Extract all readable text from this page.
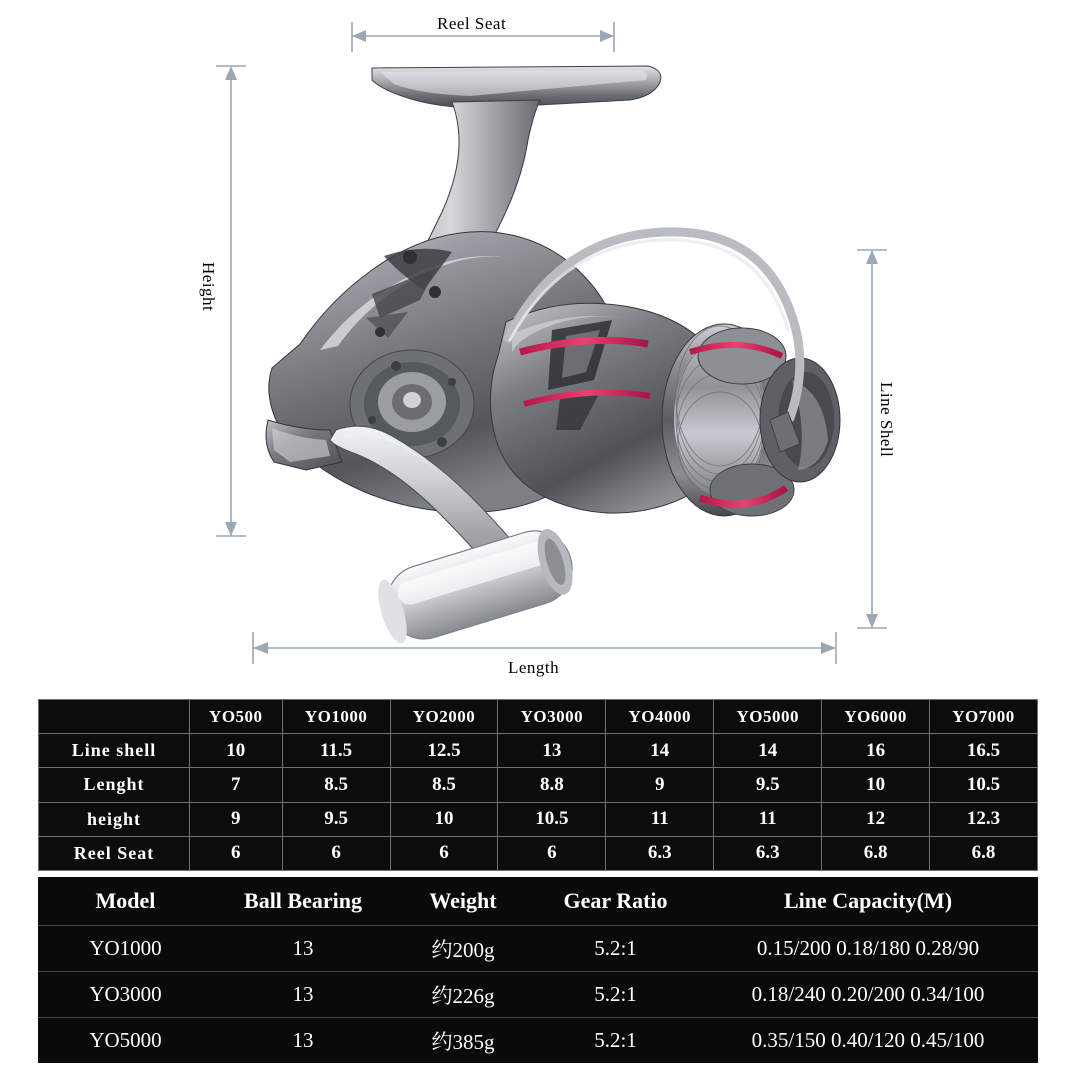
Reel Seat
Height
Line Shell
Length
	YO500	YO1000	YO2000	YO3000	YO4000	YO5000	YO6000	YO7000
Line shell	10	11.5	12.5	13	14	14	16	16.5
Lenght	7	8.5	8.5	8.8	9	9.5	10	10.5
height	9	9.5	10	10.5	11	11	12	12.3
Reel Seat	6	6	6	6	6.3	6.3	6.8	6.8
Model	Ball Bearing	Weight	Gear Ratio	Line Capacity(M)
YO1000	13	约200g	5.2:1	0.15/200 0.18/180 0.28/90
YO3000	13	约226g	5.2:1	0.18/240 0.20/200 0.34/100
YO5000	13	约385g	5.2:1	0.35/150 0.40/120 0.45/100
